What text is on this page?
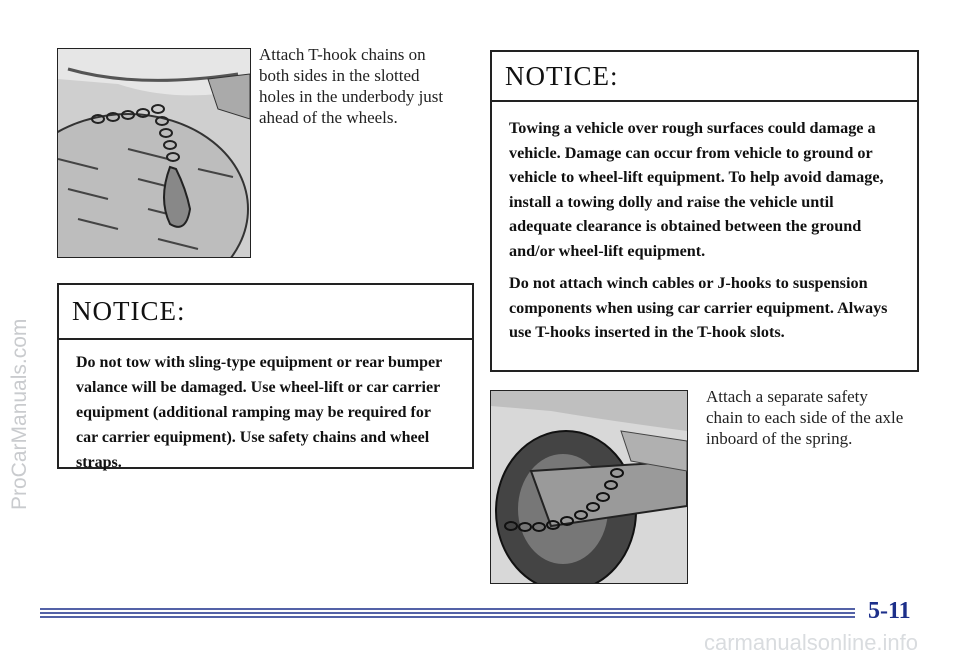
ProCarManuals.com
Attach T-hook chains on both sides in the slotted holes in the underbody just ahead of the wheels.
NOTICE:

Do not tow with sling-type equipment or rear bumper valance will be damaged. Use wheel-lift or car carrier equipment (additional ramping may be required for car carrier equipment). Use safety chains and wheel straps.

NOTICE:

Towing a vehicle over rough surfaces could damage a vehicle. Damage can occur from vehicle to ground or vehicle to wheel-lift equipment. To help avoid damage, install a towing dolly and raise the vehicle until adequate clearance is obtained between the ground and/or wheel-lift equipment.

Do not attach winch cables or J-hooks to suspension components when using car carrier equipment. Always use T-hooks inserted in the T-hook slots.

Attach a separate safety chain to each side of the axle inboard of the spring.
5-11
carmanualsonline.info
